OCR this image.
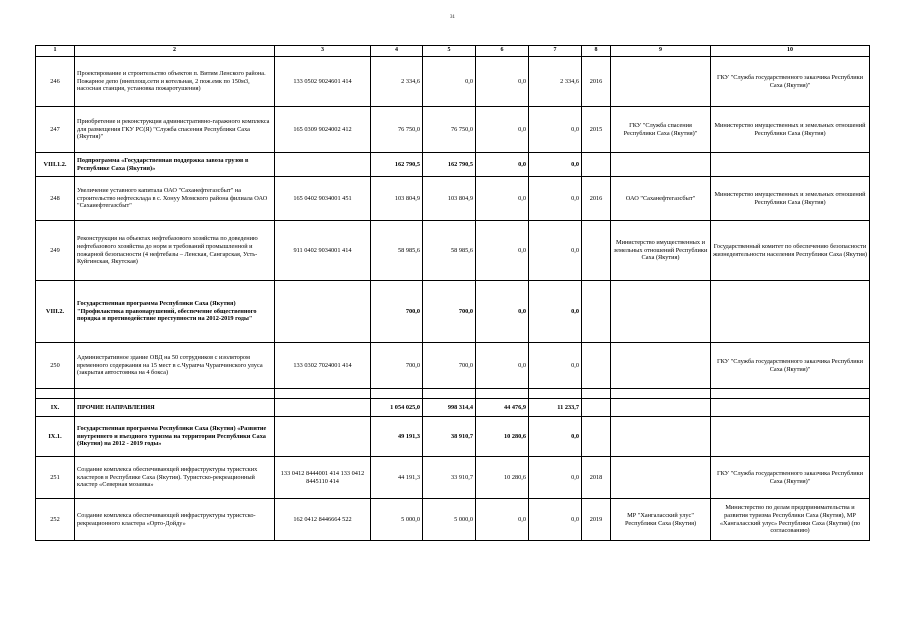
31
1	2	3	4	5	6	7	8	9	10
246	Проектирование и строительство объектов п. Витим Ленского района. Пожарное депо (внеплощ.сети и котельная, 2 пож.емк по 150м3, насосная станция, установка пожаротушения)	133 0502 9024601 414	2 334,6	0,0	0,0	2 334,6	2016		ГКУ "Служба государственного заказчика Республики Саха (Якутия)"
247	Приобретение и реконструкция административно-гаражного комплекса для размещения ГКУ РС(Я) "Служба спасения Республики Саха (Якутия)"	165 0309 9024002 412	76 750,0	76 750,0	0,0	0,0	2015	ГКУ "Служба спасения Республики Саха (Якутия)"	Министерство имущественных и земельных отношений Республики Саха (Якутия)
VIII.1.2.	Подпрограмма «Государственная поддержка завоза грузов в Республике Саха (Якутия)»		162 790,5	162 790,5	0,0	0,0			
248	Увеличение уставного капитала ОАО "Саханефтегазсбыт" на строительство нефтесклада в с. Хонуу Момского района филиала ОАО "Сахаиефтегазсбыт"	165 0402 9034001 451	103 804,9	103 804,9	0,0	0,0	2016	ОАО "Саханефтегазсбыт"	Министерство имущественных и земельных отношений Республики Саха (Якутия)
249	Реконструкция на объектах нефтебазового хозяйства по доведению нефтебазового хозяйства до норм и требований промышленной и пожарной безопасности (4 нефтебазы – Ленская, Сангарская, Усть-Куйгинская, Якутская)	911 0402 9034001 414	58 985,6	58 985,6	0,0	0,0		Министерство имущественных и земельных отношений Республики Саха (Якутия)	Государственный комитет по обеспечению безопасности жизнедеятельности населения Республики Саха (Якутия)
VIII.2.	Государственная программа Республики Саха (Якутия) "Профилактика правонарушений, обеспечение общественного порядка и противодействие преступности на 2012-2019 годы"		700,0	700,0	0,0	0,0			
250	Административное здание ОВД на 50 сотрудников с изолятором временного содержания на 15 мест в с.Чурапча Чурапчинского улуса (закрытая автостоянка на 4 бокса)	133 0302 7024001 414	700,0	700,0	0,0	0,0			ГКУ "Служба государственного заказчика Республики Саха (Якутия)"

IX.	ПРОЧИЕ НАПРАВЛЕНИЯ		1 054 025,0	998 314,4	44 476,9	11 233,7			
IX.1.	Государственная программа Республики Саха (Якутия) «Развитие внутреннего и въездного туризма на территории Республики Саха (Якутия) на 2012 - 2019 годы»		49 191,3	38 910,7	10 280,6	0,0			
251	Создание комплекса обеспечивающей инфраструктуры туристских кластеров в Республике Саха (Якутия). Туристско-рекреационный кластер «Северная мозаика»	133 0412 8444001 414 133 0412 8445110 414	44 191,3	33 910,7	10 280,6	0,0	2018		ГКУ "Служба государственного заказчика Республики Саха (Якутия)"
252	Создание комплекса обеспечивающей инфраструктуры туристско-рекреационного кластера «Орто-Дойду»	162 0412 8446664 522	5 000,0	5 000,0	0,0	0,0	2019	МР "Хангаласский улус" Республики Саха (Якутия)	Министерство по делам предпринимательства и развития туризма Республики Саха (Якутия), МР «Хангаласский улус» Республики Саха (Якутия) (по согласованию)
